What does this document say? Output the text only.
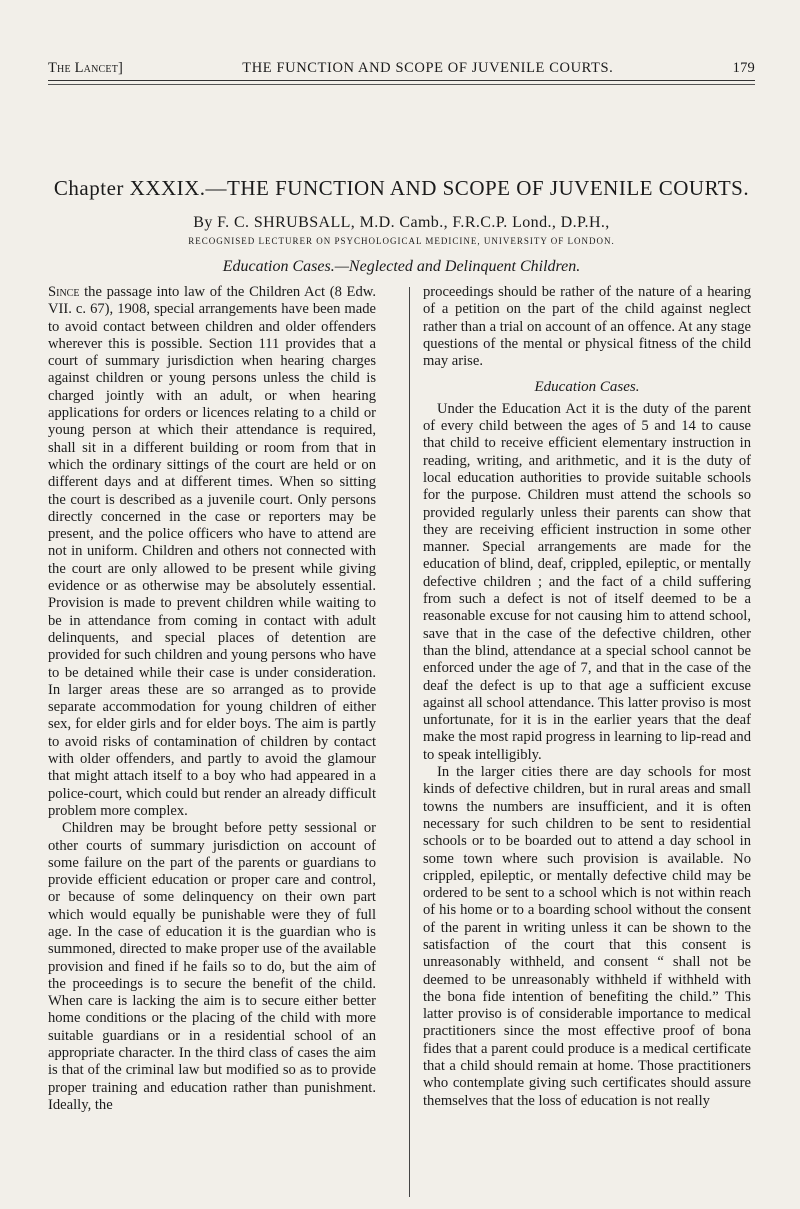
The Lancet]	THE FUNCTION AND SCOPE OF JUVENILE COURTS.	179
Chapter XXXIX.—THE FUNCTION AND SCOPE OF JUVENILE COURTS.
By F. C. SHRUBSALL, M.D. Camb., F.R.C.P. Lond., D.P.H.,
RECOGNISED LECTURER ON PSYCHOLOGICAL MEDICINE, UNIVERSITY OF LONDON.
Education Cases.—Neglected and Delinquent Children.

Since the passage into law of the Children Act (8 Edw. VII. c. 67), 1908, special arrangements have been made to avoid contact between children and older offenders wherever this is possible. Section 111 provides that a court of summary jurisdiction when hearing charges against children or young persons unless the child is charged jointly with an adult, or when hearing applications for orders or licences relating to a child or young person at which their attendance is required, shall sit in a different building or room from that in which the ordinary sittings of the court are held or on different days and at different times. When so sitting the court is described as a juvenile court. Only persons directly concerned in the case or reporters may be present, and the police officers who have to attend are not in uniform. Children and others not connected with the court are only allowed to be present while giving evidence or as otherwise may be absolutely essential. Provision is made to prevent children while waiting to be in attendance from coming in contact with adult delinquents, and special places of detention are provided for such children and young persons who have to be detained while their case is under consideration. In larger areas these are so arranged as to provide separate accommodation for young children of either sex, for elder girls and for elder boys. The aim is partly to avoid risks of contamination of children by contact with older offenders, and partly to avoid the glamour that might attach itself to a boy who had appeared in a police-court, which could but render an already difficult problem more complex.

Children may be brought before petty sessional or other courts of summary jurisdiction on account of some failure on the part of the parents or guardians to provide efficient education or proper care and control, or because of some delinquency on their own part which would equally be punishable were they of full age. In the case of education it is the guardian who is summoned, directed to make proper use of the available provision and fined if he fails so to do, but the aim of the proceedings is to secure the benefit of the child. When care is lacking the aim is to secure either better home conditions or the placing of the child with more suitable guardians or in a residential school of an appropriate character. In the third class of cases the aim is that of the criminal law but modified so as to provide proper training and education rather than punishment. Ideally, the

proceedings should be rather of the nature of a hearing of a petition on the part of the child against neglect rather than a trial on account of an offence. At any stage questions of the mental or physical fitness of the child may arise.

Education Cases.

Under the Education Act it is the duty of the parent of every child between the ages of 5 and 14 to cause that child to receive efficient elementary instruction in reading, writing, and arithmetic, and it is the duty of local education authorities to provide suitable schools for the purpose. Children must attend the schools so provided regularly unless their parents can show that they are receiving efficient instruction in some other manner. Special arrangements are made for the education of blind, deaf, crippled, epileptic, or mentally defective children ; and the fact of a child suffering from such a defect is not of itself deemed to be a reasonable excuse for not causing him to attend school, save that in the case of the defective children, other than the blind, attendance at a special school cannot be enforced under the age of 7, and that in the case of the deaf the defect is up to that age a sufficient excuse against all school attendance. This latter proviso is most unfortunate, for it is in the earlier years that the deaf make the most rapid progress in learning to lip-read and to speak intelligibly.

In the larger cities there are day schools for most kinds of defective children, but in rural areas and small towns the numbers are insufficient, and it is often necessary for such children to be sent to residential schools or to be boarded out to attend a day school in some town where such provision is available. No crippled, epileptic, or mentally defective child may be ordered to be sent to a school which is not within reach of his home or to a boarding school without the consent of the parent in writing unless it can be shown to the satisfaction of the court that this consent is unreasonably withheld, and consent “ shall not be deemed to be unreasonably withheld if withheld with the bona fide intention of benefiting the child.” This latter proviso is of considerable importance to medical practitioners since the most effective proof of bona fides that a parent could produce is a medical certificate that a child should remain at home. Those practitioners who contemplate giving such certificates should assure themselves that the loss of education is not really
